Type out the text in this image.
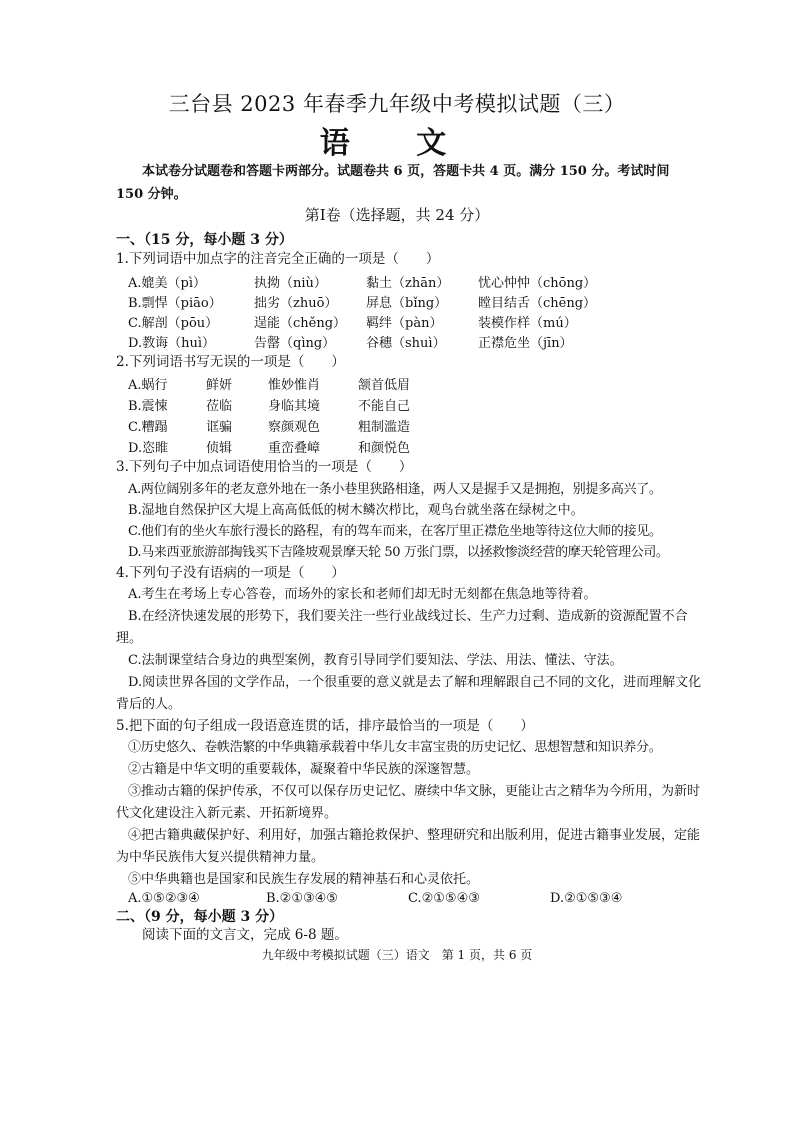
三台县 2023 年春季九年级中考模拟试题（三）
语 文
本试卷分试题卷和答题卡两部分。试题卷共 6 页，答题卡共 4 页。满分 150 分。考试时间 150 分钟。
第Ⅰ卷（选择题，共 24 分）
一、（15 分，每小题 3 分）
1.下列词语中加点字的注音完全正确的一项是（　　）
A.媲美（pì）	执拗（niù）	黏土（zhān） 忧心忡忡（chōng）
B.剽悍（piāo） 拙劣（zhuō） 屏息（bǐng） 瞠目结舌（chēng）
C.解剖（pōu）	逞能（chěng） 羁绊（pàn）	装模作样（mú）
D.教诲（huì）	告罄（qìng） 谷穗（shuì） 正襟危坐（jīn）
2.下列词语书写无误的一项是（　　）
A.蜗行	鲜妍	惟妙惟肖	颔首低眉
B.震悚	莅临	身临其境	不能自己
C.糟蹋	诓骗	察颜观色	粗制滥造
D.恣睢	侦辑	重峦叠嶂	和颜悦色
3.下列句子中加点词语使用恰当的一项是（　　）
A.两位阔别多年的老友意外地在一条小巷里狭路相逢，两人又是握手又是拥抱，别提多高兴了。
B.湿地自然保护区大堤上高高低低的树木鳞次栉比，观鸟台就坐落在绿树之中。
C.他们有的坐火车旅行漫长的路程，有的驾车而来，在客厅里正襟危坐地等待这位大师的接见。
D.马来西亚旅游部掏钱买下吉隆坡观景摩天轮 50 万张门票，以拯救惨淡经营的摩天轮管理公司。
4.下列句子没有语病的一项是（　　）
A.考生在考场上专心答卷，而场外的家长和老师们却无时无刻都在焦急地等待着。
B.在经济快速发展的形势下，我们要关注一些行业战线过长、生产力过剩、造成新的资源配置不合理。
C.法制课堂结合身边的典型案例，教育引导同学们要知法、学法、用法、懂法、守法。
D.阅读世界各国的文学作品，一个很重要的意义就是去了解和理解跟自己不同的文化，进而理解文化背后的人。
5.把下面的句子组成一段语意连贯的话，排序最恰当的一项是（　　）
①历史悠久、卷帙浩繁的中华典籍承载着中华儿女丰富宝贵的历史记忆、思想智慧和知识养分。
②古籍是中华文明的重要载体，凝聚着中华民族的深邃智慧。
③推动古籍的保护传承，不仅可以保存历史记忆、赓续中华文脉，更能让古之精华为今所用，为新时代文化建设注入新元素、开拓新境界。
④把古籍典藏保护好、利用好，加强古籍抢救保护、整理研究和出版利用，促进古籍事业发展，定能为中华民族伟大复兴提供精神力量。
⑤中华典籍也是国家和民族生存发展的精神基石和心灵依托。
A.①⑤②③④	B.②①③④⑤	C.②①⑤④③	D.②①⑤③④
二、（9 分，每小题 3 分）
阅读下面的文言文，完成 6-8 题。
九年级中考模拟试题（三）语文　第 1 页，共 6 页
